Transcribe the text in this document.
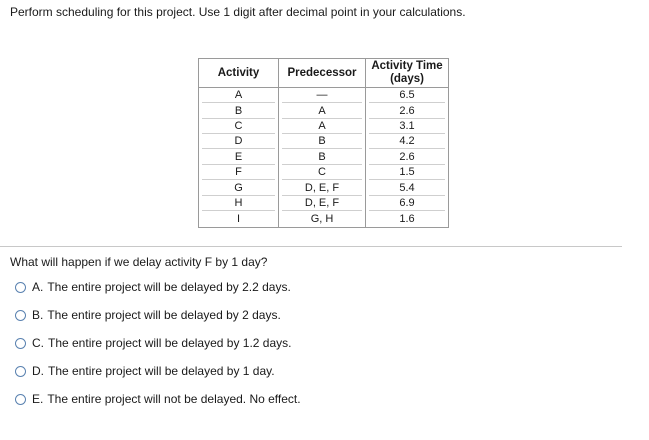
Perform scheduling for this project. Use 1 digit after decimal point in your calculations.
Activity	Predecessor	Activity Time (days)

A	—	6.5

B	A	2.6

C	A	3.1

D	B	4.2

E	B	2.6

F	C	1.5

G	D, E, F	5.4

H	D, E, F	6.9

I	G, H	1.6
What will happen if we delay activity F by 1 day?
A. The entire project will be delayed by 2.2 days.
B. The entire project will be delayed by 2 days.
C. The entire project will be delayed by 1.2 days.
D. The entire project will be delayed by 1 day.
E. The entire project will not be delayed. No effect.
